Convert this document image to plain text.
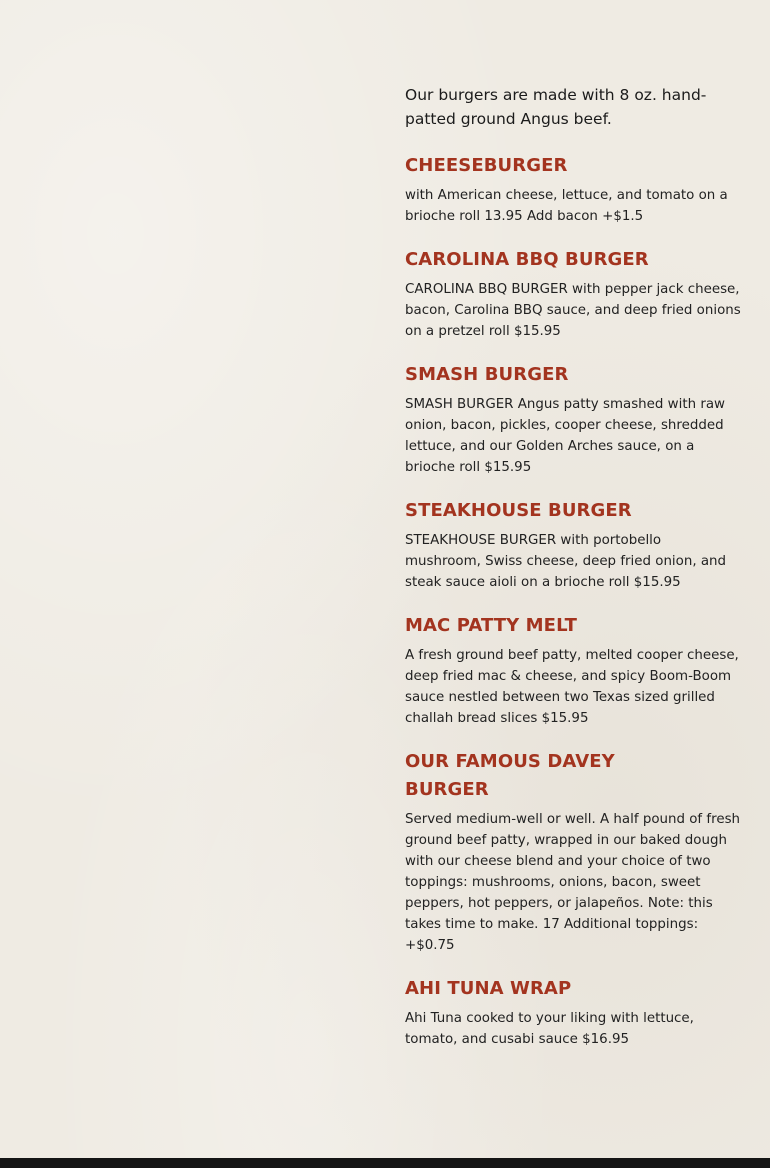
Our burgers are made with 8 oz. hand-patted ground Angus beef.

CHEESEBURGER
with American cheese, lettuce, and tomato on a brioche roll 13.95 Add bacon +$1.5
CAROLINA BBQ BURGER
CAROLINA BBQ BURGER with pepper jack cheese, bacon, Carolina BBQ sauce, and deep fried onions on a pretzel roll $15.95
SMASH BURGER
SMASH BURGER Angus patty smashed with raw onion, bacon, pickles, cooper cheese, shredded lettuce, and our Golden Arches sauce, on a brioche roll $15.95
STEAKHOUSE BURGER
STEAKHOUSE BURGER with portobello mushroom, Swiss cheese, deep fried onion, and steak sauce aioli on a brioche roll $15.95
MAC PATTY MELT
A fresh ground beef patty, melted cooper cheese, deep fried mac & cheese, and spicy Boom-Boom sauce nestled between two Texas sized grilled challah bread slices $15.95
OUR FAMOUS DAVEY BURGER
Served medium-well or well. A half pound of fresh ground beef patty, wrapped in our baked dough with our cheese blend and your choice of two toppings: mushrooms, onions, bacon, sweet peppers, hot peppers, or jalapeños. Note: this takes time to make. 17 Additional toppings: +$0.75
AHI TUNA WRAP
Ahi Tuna cooked to your liking with lettuce, tomato, and cusabi sauce $16.95
